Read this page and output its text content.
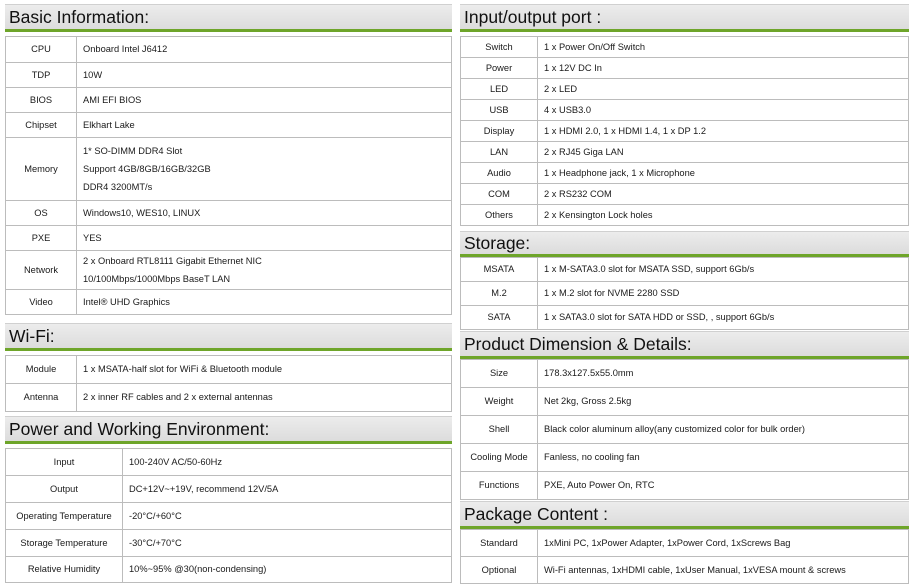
Basic Information:
CPU	Onboard Intel J6412

TDP	10W

BIOS	AMI EFI BIOS

Chipset	Elkhart Lake

Memory	1* SO-DIMM DDR4 Slot
Support 4GB/8GB/16GB/32GB
DDR4 3200MT/s

OS	Windows10, WES10, LINUX

PXE	YES

Network	2 x Onboard RTL8111 Gigabit Ethernet NIC
10/100Mbps/1000Mbps BaseT LAN

Video	Intel® UHD Graphics
Wi-Fi:
Module	1 x MSATA-half slot for WiFi & Bluetooth module

Antenna	2 x inner RF cables and 2 x external antennas
Power and Working Environment:
Input	100-240V AC/50-60Hz

Output	DC+12V~+19V, recommend 12V/5A

Operating Temperature	-20°C/+60°C

Storage Temperature	-30°C/+70°C

Relative Humidity	10%~95% @30(non-condensing)
Input/output port :
Switch	1 x Power On/Off Switch

Power	1 x 12V DC In

LED	2 x LED

USB	4 x USB3.0

Display	1 x HDMI 2.0, 1 x HDMI 1.4, 1 x DP 1.2

LAN	2 x RJ45 Giga LAN

Audio	1 x Headphone jack, 1 x Microphone

COM	2 x RS232 COM

Others	2 x Kensington Lock holes
Storage:
MSATA	1 x M-SATA3.0 slot for MSATA SSD, support 6Gb/s

M.2	1 x M.2 slot for NVME 2280 SSD

SATA	1 x SATA3.0 slot for SATA HDD or SSD, , support 6Gb/s
Product Dimension & Details:
Size	178.3x127.5x55.0mm

Weight	Net 2kg, Gross 2.5kg

Shell	Black color aluminum alloy(any customized color for bulk order)

Cooling Mode	Fanless, no cooling fan

Functions	PXE, Auto Power On, RTC
Package Content :
Standard	1xMini PC, 1xPower Adapter, 1xPower Cord, 1xScrews Bag

Optional	Wi-Fi antennas, 1xHDMI cable, 1xUser Manual, 1xVESA mount & screws
